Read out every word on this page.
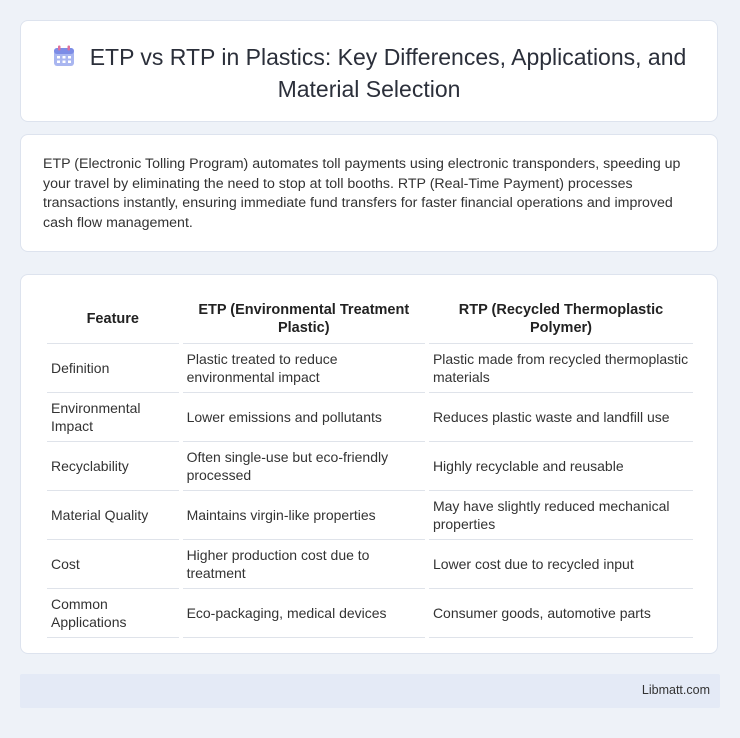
ETP vs RTP in Plastics: Key Differences, Applications, and Material Selection

ETP (Electronic Tolling Program) automates toll payments using electronic transponders, speeding up your travel by eliminating the need to stop at toll booths. RTP (Real-Time Payment) processes transactions instantly, ensuring immediate fund transfers for faster financial operations and improved cash flow management.

Feature	ETP (Environmental Treatment Plastic)	RTP (Recycled Thermoplastic Polymer)
Definition	Plastic treated to reduce environmental impact	Plastic made from recycled thermoplastic materials
Environmental Impact	Lower emissions and pollutants	Reduces plastic waste and landfill use
Recyclability	Often single-use but eco-friendly processed	Highly recyclable and reusable
Material Quality	Maintains virgin-like properties	May have slightly reduced mechanical properties
Cost	Higher production cost due to treatment	Lower cost due to recycled input
Common Applications	Eco-packaging, medical devices	Consumer goods, automotive parts
Libmatt.com
